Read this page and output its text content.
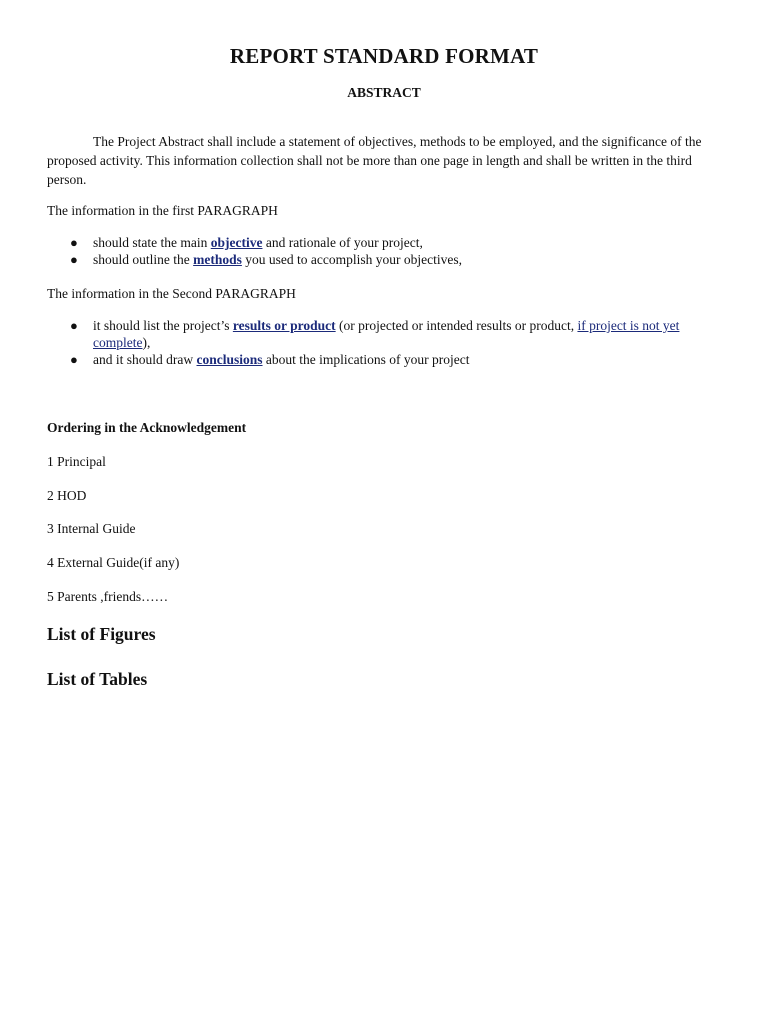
REPORT STANDARD FORMAT
ABSTRACT
The Project Abstract shall include a statement of objectives, methods to be employed, and the significance of the proposed activity. This information collection shall not be more than one page in length and shall be written in the third person.
The information in the first PARAGRAPH
● should state the main objective and rationale of your project,
● should outline the methods you used to accomplish your objectives,
The information in the Second PARAGRAPH
● it should list the project’s results or product (or projected or intended results or product, if project is not yet complete),
● and it should draw conclusions about the implications of your project
Ordering in the Acknowledgement
1 Principal
2 HOD
3 Internal Guide
4 External Guide(if any)
5 Parents ,friends……
List of Figures
List of Tables
